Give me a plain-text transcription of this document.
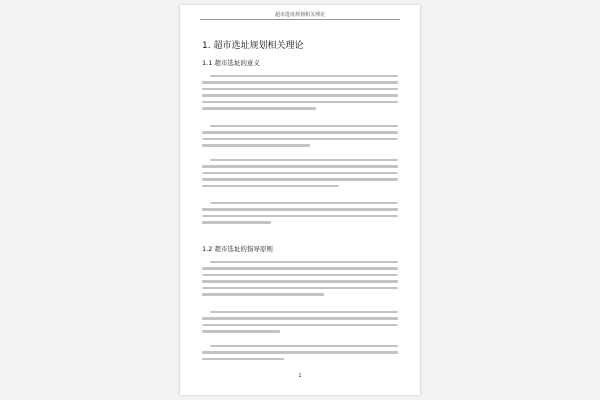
超市选址规划相关理论
1. 超市选址规划相关理论
1.1 超市选址的意义
1.2 超市选址的指导原则
1
